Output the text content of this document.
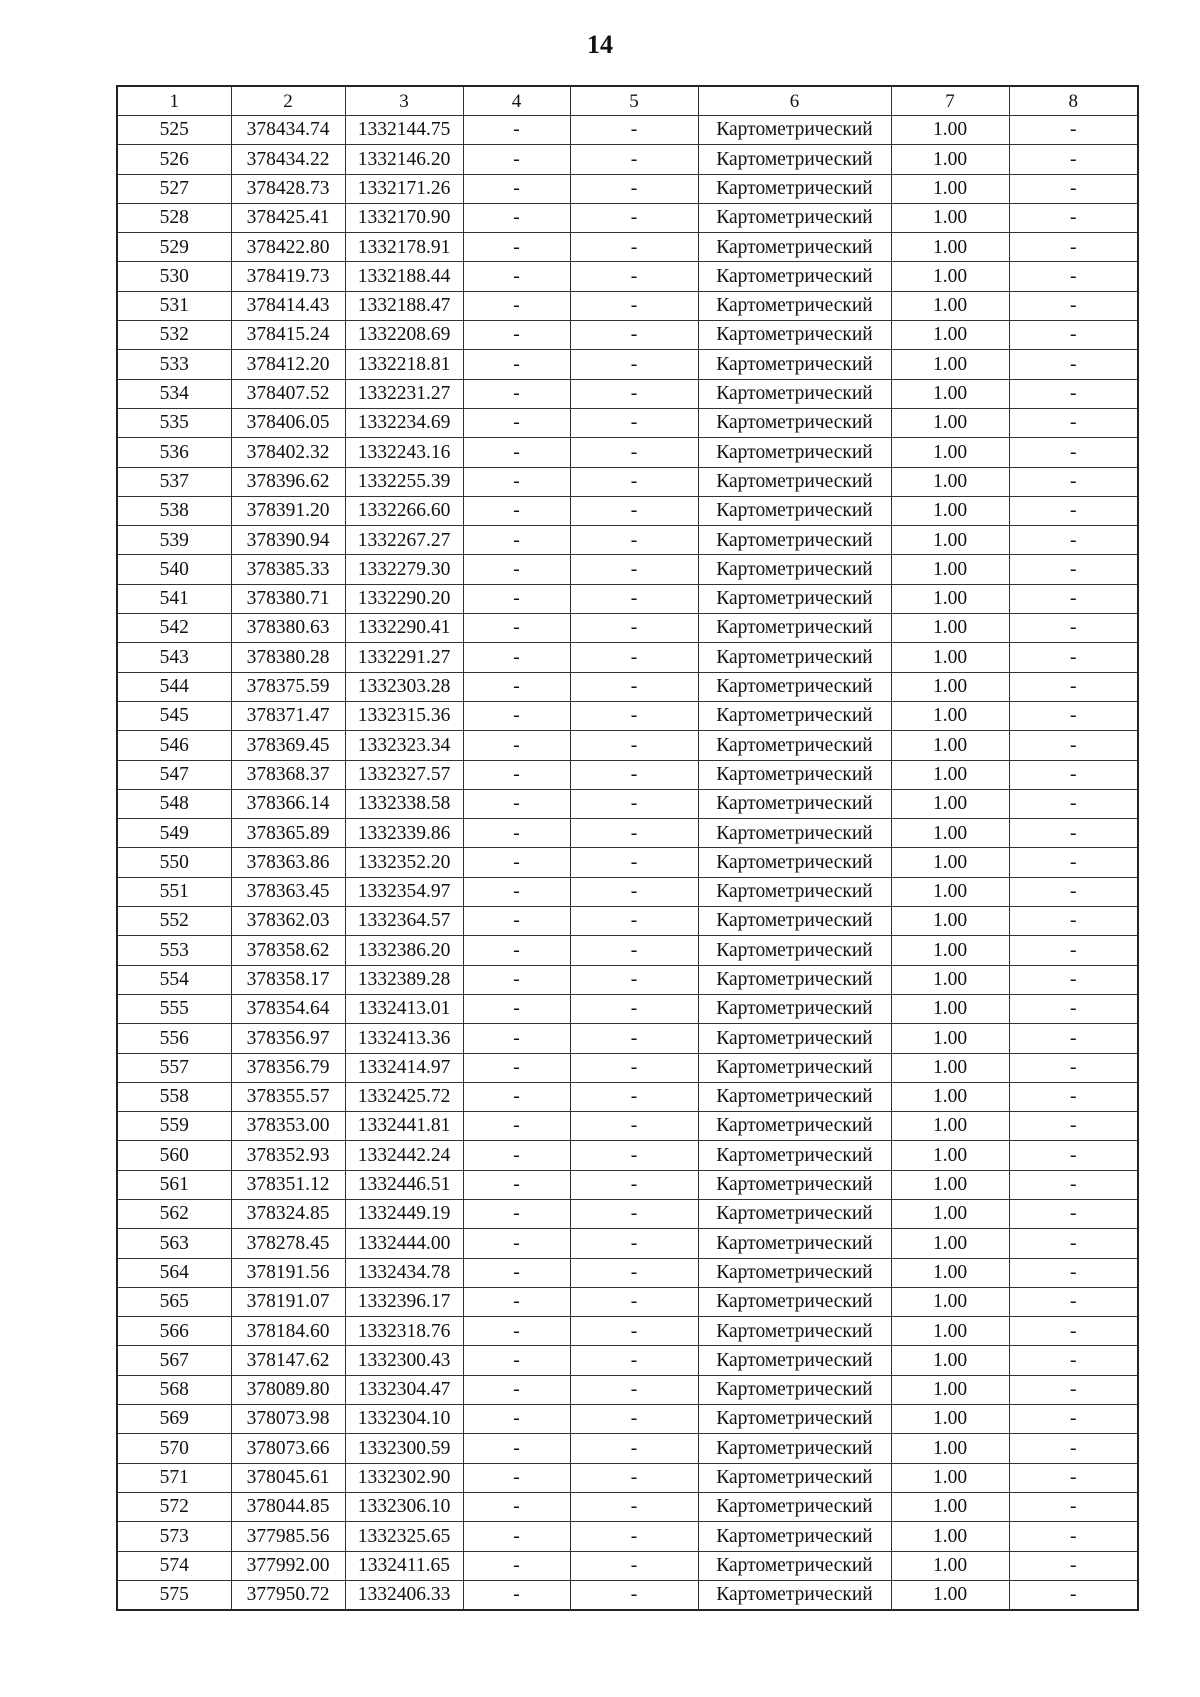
14
1	2	3	4	5	6	7	8
525	378434.74	1332144.75	-	-	Картометрический	1.00	-
526	378434.22	1332146.20	-	-	Картометрический	1.00	-
527	378428.73	1332171.26	-	-	Картометрический	1.00	-
528	378425.41	1332170.90	-	-	Картометрический	1.00	-
529	378422.80	1332178.91	-	-	Картометрический	1.00	-
530	378419.73	1332188.44	-	-	Картометрический	1.00	-
531	378414.43	1332188.47	-	-	Картометрический	1.00	-
532	378415.24	1332208.69	-	-	Картометрический	1.00	-
533	378412.20	1332218.81	-	-	Картометрический	1.00	-
534	378407.52	1332231.27	-	-	Картометрический	1.00	-
535	378406.05	1332234.69	-	-	Картометрический	1.00	-
536	378402.32	1332243.16	-	-	Картометрический	1.00	-
537	378396.62	1332255.39	-	-	Картометрический	1.00	-
538	378391.20	1332266.60	-	-	Картометрический	1.00	-
539	378390.94	1332267.27	-	-	Картометрический	1.00	-
540	378385.33	1332279.30	-	-	Картометрический	1.00	-
541	378380.71	1332290.20	-	-	Картометрический	1.00	-
542	378380.63	1332290.41	-	-	Картометрический	1.00	-
543	378380.28	1332291.27	-	-	Картометрический	1.00	-
544	378375.59	1332303.28	-	-	Картометрический	1.00	-
545	378371.47	1332315.36	-	-	Картометрический	1.00	-
546	378369.45	1332323.34	-	-	Картометрический	1.00	-
547	378368.37	1332327.57	-	-	Картометрический	1.00	-
548	378366.14	1332338.58	-	-	Картометрический	1.00	-
549	378365.89	1332339.86	-	-	Картометрический	1.00	-
550	378363.86	1332352.20	-	-	Картометрический	1.00	-
551	378363.45	1332354.97	-	-	Картометрический	1.00	-
552	378362.03	1332364.57	-	-	Картометрический	1.00	-
553	378358.62	1332386.20	-	-	Картометрический	1.00	-
554	378358.17	1332389.28	-	-	Картометрический	1.00	-
555	378354.64	1332413.01	-	-	Картометрический	1.00	-
556	378356.97	1332413.36	-	-	Картометрический	1.00	-
557	378356.79	1332414.97	-	-	Картометрический	1.00	-
558	378355.57	1332425.72	-	-	Картометрический	1.00	-
559	378353.00	1332441.81	-	-	Картометрический	1.00	-
560	378352.93	1332442.24	-	-	Картометрический	1.00	-
561	378351.12	1332446.51	-	-	Картометрический	1.00	-
562	378324.85	1332449.19	-	-	Картометрический	1.00	-
563	378278.45	1332444.00	-	-	Картометрический	1.00	-
564	378191.56	1332434.78	-	-	Картометрический	1.00	-
565	378191.07	1332396.17	-	-	Картометрический	1.00	-
566	378184.60	1332318.76	-	-	Картометрический	1.00	-
567	378147.62	1332300.43	-	-	Картометрический	1.00	-
568	378089.80	1332304.47	-	-	Картометрический	1.00	-
569	378073.98	1332304.10	-	-	Картометрический	1.00	-
570	378073.66	1332300.59	-	-	Картометрический	1.00	-
571	378045.61	1332302.90	-	-	Картометрический	1.00	-
572	378044.85	1332306.10	-	-	Картометрический	1.00	-
573	377985.56	1332325.65	-	-	Картометрический	1.00	-
574	377992.00	1332411.65	-	-	Картометрический	1.00	-
575	377950.72	1332406.33	-	-	Картометрический	1.00	-
